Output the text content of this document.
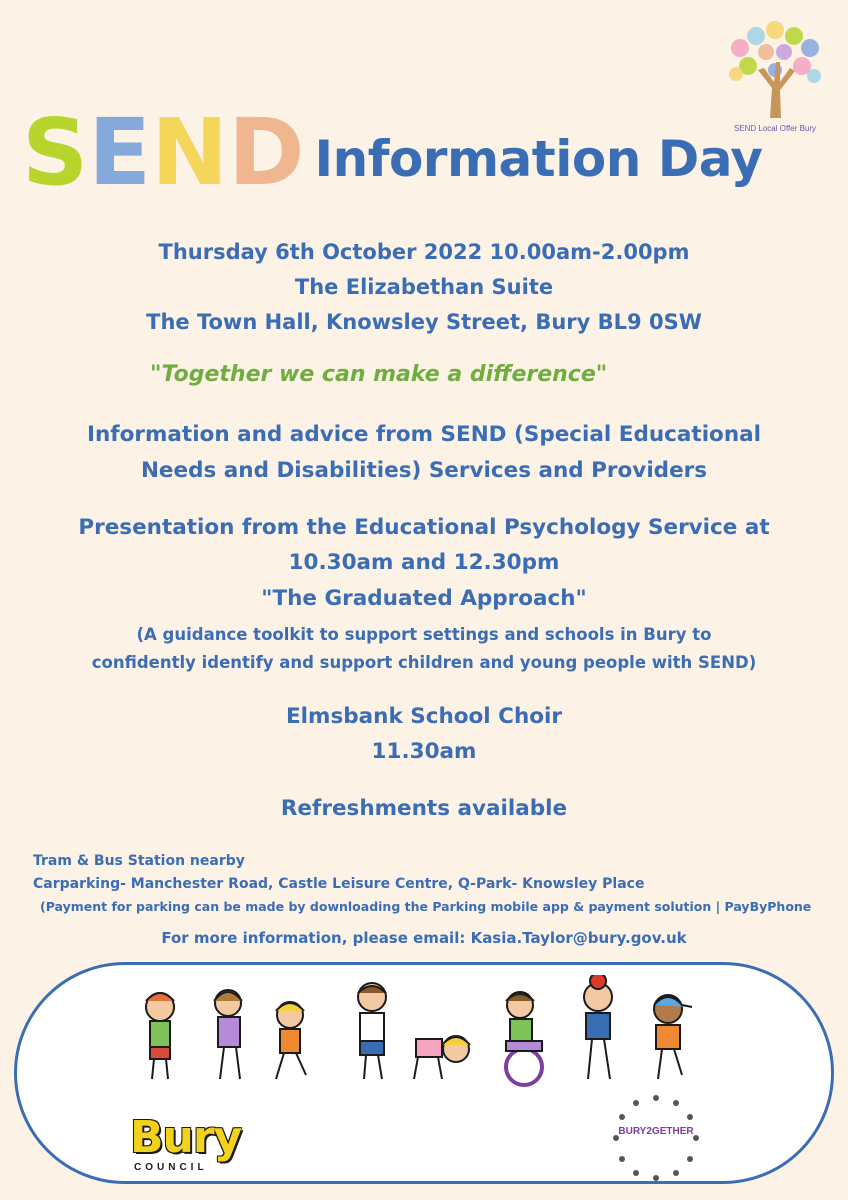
SEND Local Offer Bury
SEND Information Day
Thursday 6th October 2022 10.00am-2.00pm
The Elizabethan Suite
The Town Hall, Knowsley Street, Bury BL9 0SW
"Together we can make a difference"
Information and advice from SEND (Special Educational
Needs and Disabilities) Services and Providers
Presentation from the Educational Psychology Service at
10.30am and 12.30pm
"The Graduated Approach"
(A guidance toolkit to support settings and schools in Bury to
confidently identify and support children and young people with SEND)
Elmsbank School Choir
11.30am
Refreshments available
Tram & Bus Station nearby
Carparking- Manchester Road, Castle Leisure Centre, Q-Park- Knowsley Place
(Payment for parking can be made by downloading the Parking mobile app & payment solution | PayByPhone
For more information, please email: Kasia.Taylor@bury.gov.uk
Bury
COUNCIL
BURY2GETHER
